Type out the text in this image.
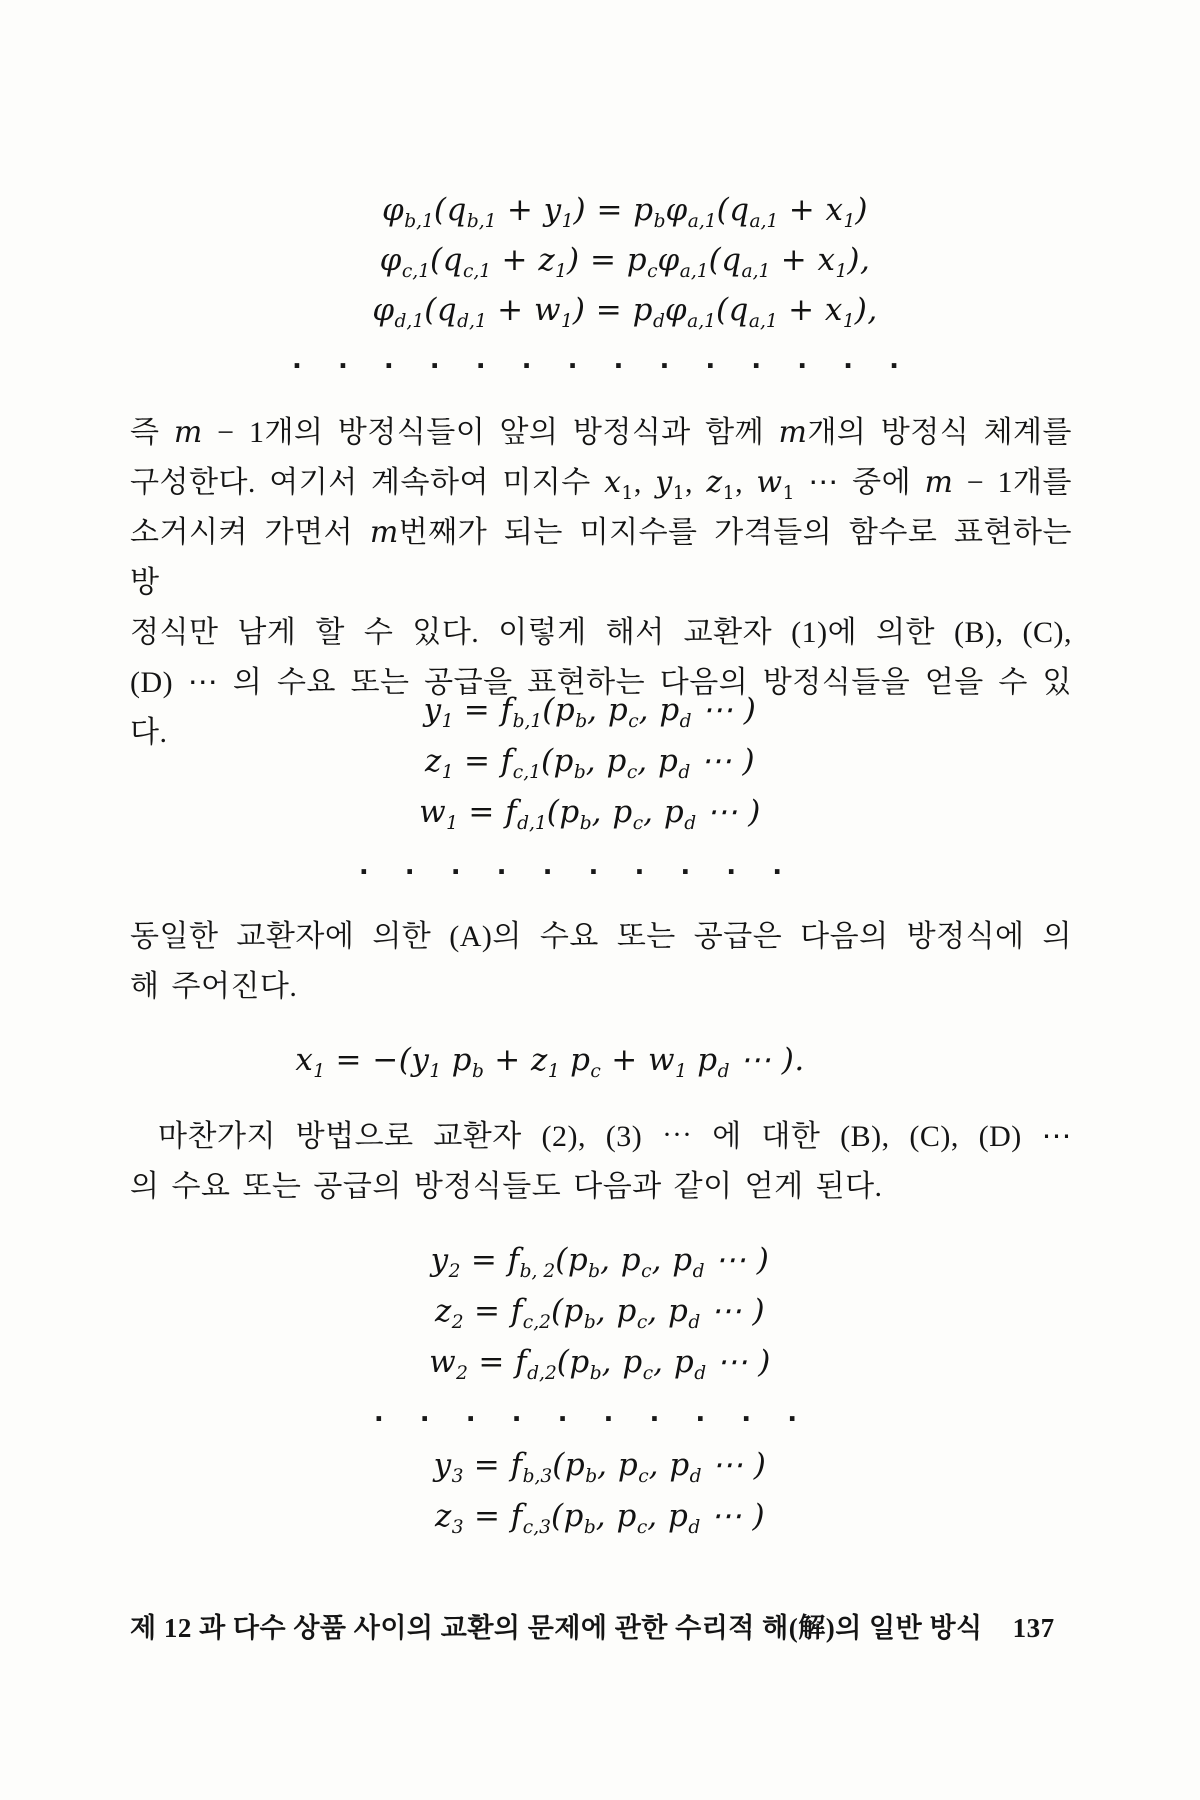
$\varphi_{b,1}(q_{b,1} + y_1) = p_b\varphi_{a,1}(q_{a,1} + x_1)$
$\varphi_{c,1}(q_{c,1} + z_1) = p_c\varphi_{a,1}(q_{a,1} + x_1)$,
$\varphi_{d,1}(q_{d,1} + w_1) = p_d\varphi_{a,1}(q_{a,1} + x_1)$,
. . . . . . . . . . . . . .
즉 m − 1개의 방정식들이 앞의 방정식과 함께 m개의 방정식 체계를
구성한다. 여기서 계속하여 미지수 $x_1$, $y_1$, $z_1$, $w_1$ ⋯ 중에 m − 1개를
소거시켜 가면서 m번째가 되는 미지수를 가격들의 함수로 표현하는 방
정식만 남게 할 수 있다. 이렇게 해서 교환자 (1)에 의한 (B), (C),
(D) ⋯ 의 수요 또는 공급을 표현하는 다음의 방정식들을 얻을 수 있다.
$y_1 = f_{b,1}(p_b$, $p_c$, $p_d$ ⋯ )
$z_1 = f_{c,1}(p_b$, $p_c$, $p_d$ ⋯ )
$w_1 = f_{d,1}(p_b$, $p_c$, $p_d$ ⋯ )
. . . . . . . . . .
동일한 교환자에 의한 (A)의 수요 또는 공급은 다음의 방정식에 의
해 주어진다.
$x_1 = -(y_1$ $p_b + z_1$ $p_c + w_1$ $p_d$ ⋯ ).
마찬가지 방법으로 교환자 (2), (3) ⋯ 에 대한 (B), (C), (D) ⋯
의 수요 또는 공급의 방정식들도 다음과 같이 얻게 된다.
$y_2 = f_{b, 2}(p_b$, $p_c$, $p_d$ ⋯ )
$z_2 = f_{c,2}(p_b$, $p_c$, $p_d$ ⋯ )
$w_2 = f_{d,2}(p_b$, $p_c$, $p_d$ ⋯ )
. . . . . . . . . .
$y_3 = f_{b,3}(p_b$, $p_c$, $p_d$ ⋯ )
$z_3 = f_{c,3}(p_b$, $p_c$, $p_d$ ⋯ )
제 12 과 다수 상품 사이의 교환의 문제에 관한 수리적 해(解)의 일반 방식 137
